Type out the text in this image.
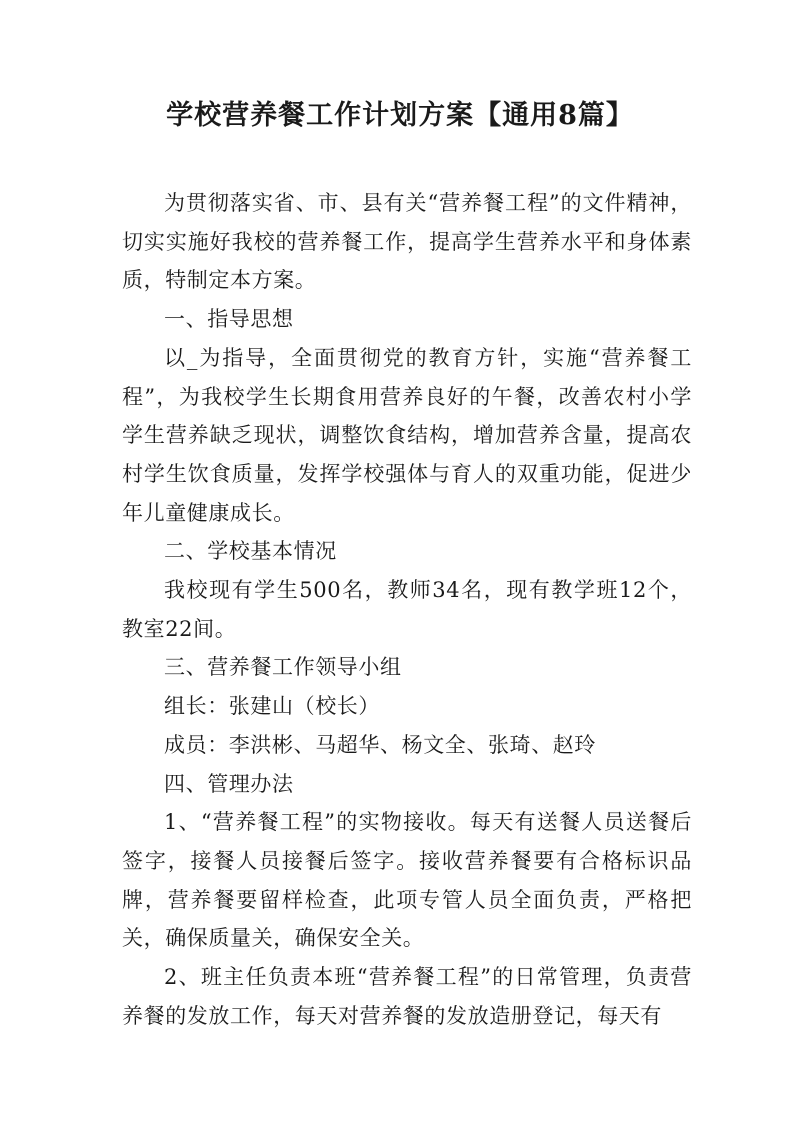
学校营养餐工作计划方案【通用8篇】

为贯彻落实省、市、县有关“营养餐工程”的文件精神，切实实施好我校的营养餐工作，提高学生营养水平和身体素质，特制定本方案。

一、指导思想

以_为指导，全面贯彻党的教育方针，实施“营养餐工程”，为我校学生长期食用营养良好的午餐，改善农村小学学生营养缺乏现状，调整饮食结构，增加营养含量，提高农村学生饮食质量，发挥学校强体与育人的双重功能，促进少年儿童健康成长。

二、学校基本情况

我校现有学生500名，教师34名，现有教学班12个，教室22间。

三、营养餐工作领导小组

组长：张建山（校长）

成员：李洪彬、马超华、杨文全、张琦、赵玲

四、管理办法

1、“营养餐工程”的实物接收。每天有送餐人员送餐后签字，接餐人员接餐后签字。接收营养餐要有合格标识品牌，营养餐要留样检查，此项专管人员全面负责，严格把关，确保质量关，确保安全关。

2、班主任负责本班“营养餐工程”的日常管理，负责营养餐的发放工作，每天对营养餐的发放造册登记，每天有
